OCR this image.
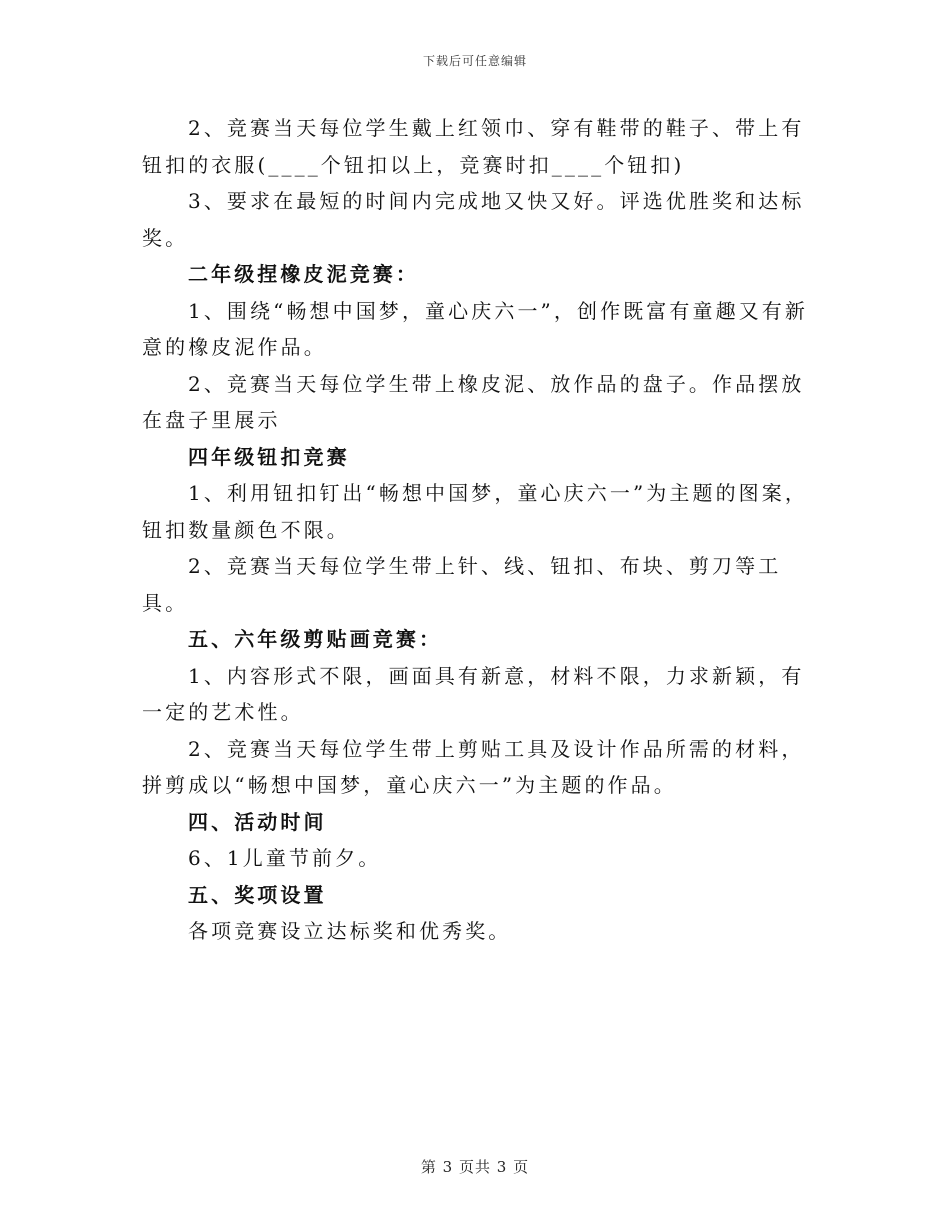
下载后可任意编辑

2、竞赛当天每位学生戴上红领巾、穿有鞋带的鞋子、带上有钮扣的衣服(____个钮扣以上，竞赛时扣____个钮扣)

3、要求在最短的时间内完成地又快又好。评选优胜奖和达标奖。

二年级捏橡皮泥竞赛：

1、围绕“畅想中国梦，童心庆六一”，创作既富有童趣又有新意的橡皮泥作品。

2、竞赛当天每位学生带上橡皮泥、放作品的盘子。作品摆放在盘子里展示

四年级钮扣竞赛

1、利用钮扣钉出“畅想中国梦，童心庆六一”为主题的图案，钮扣数量颜色不限。

2、竞赛当天每位学生带上针、线、钮扣、布块、剪刀等工具。

五、六年级剪贴画竞赛：

1、内容形式不限，画面具有新意，材料不限，力求新颖，有一定的艺术性。

2、竞赛当天每位学生带上剪贴工具及设计作品所需的材料，拼剪成以“畅想中国梦，童心庆六一”为主题的作品。

四、活动时间

6、1儿童节前夕。

五、奖项设置

各项竞赛设立达标奖和优秀奖。

第 3 页共 3 页
